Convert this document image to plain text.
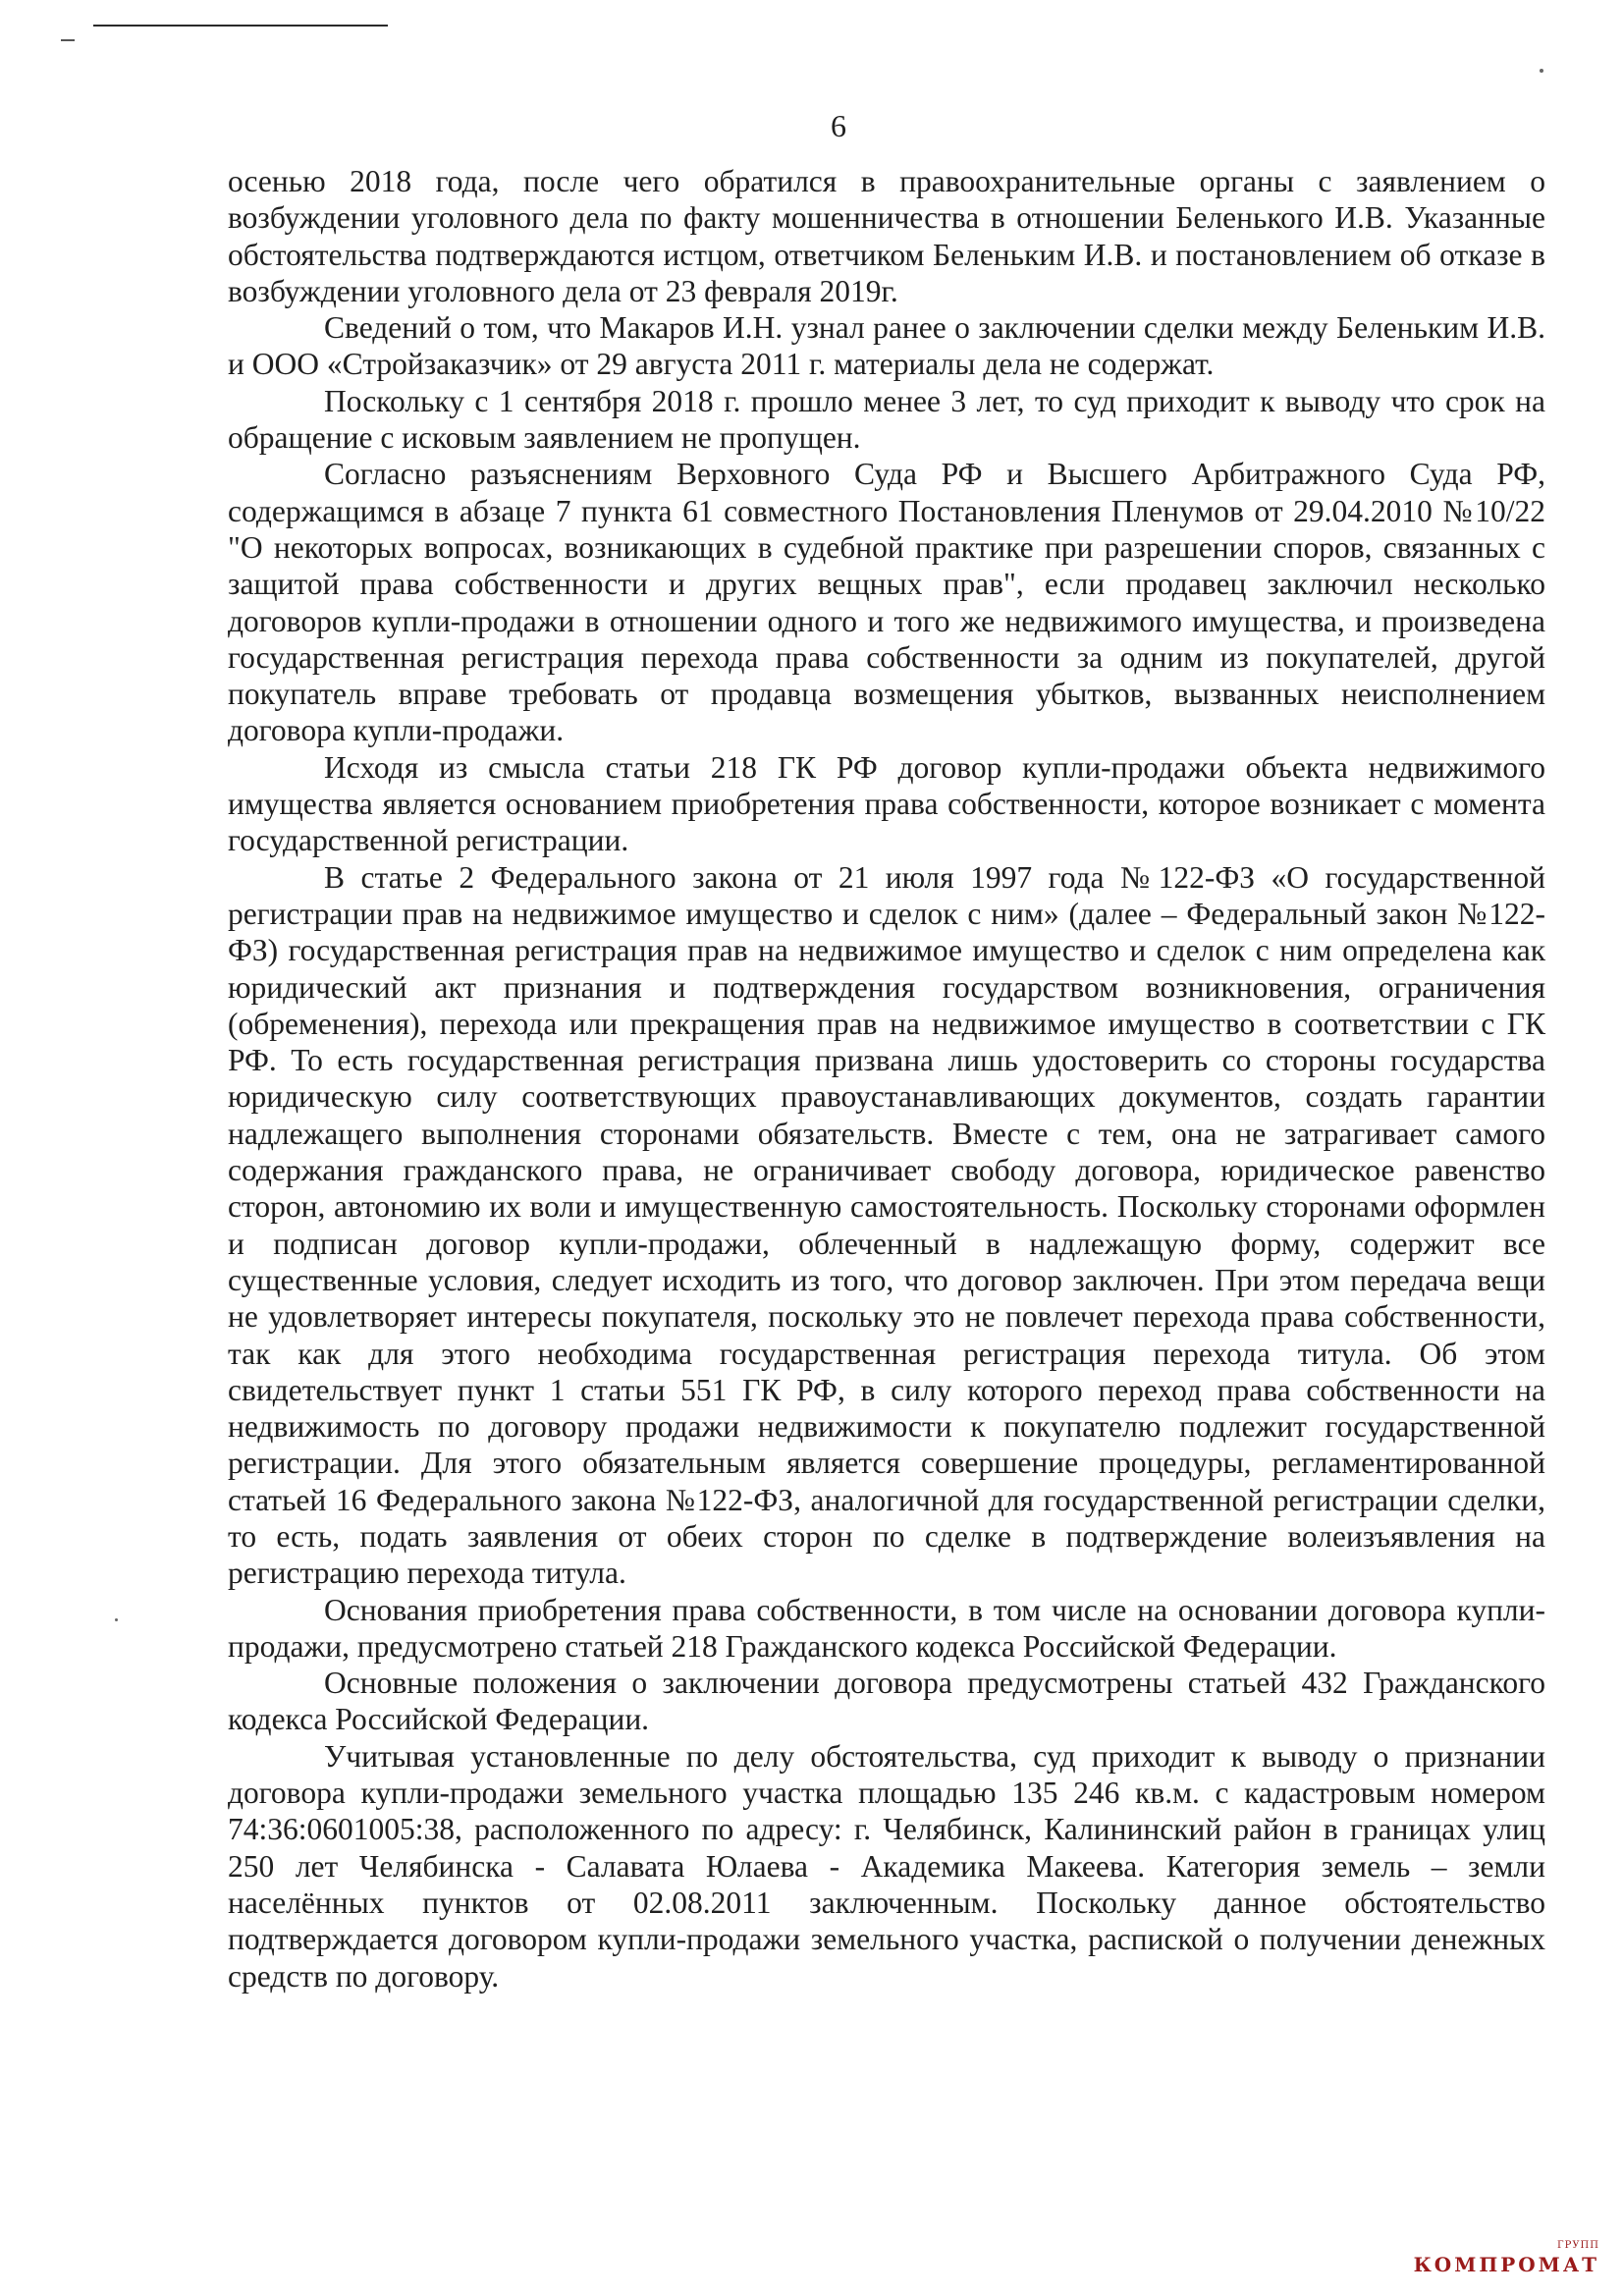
6

осенью 2018 года, после чего обратился в правоохранительные органы с заявлением о возбуждении уголовного дела по факту мошенничества в отношении Беленького И.В. Указанные обстоятельства подтверждаются истцом, ответчиком Беленьким И.В. и постановлением об отказе в возбуждении уголовного дела от 23 февраля 2019г.

Сведений о том, что Макаров И.Н. узнал ранее о заключении сделки между Беленьким И.В. и ООО «Стройзаказчик» от 29 августа 2011 г. материалы дела не содержат.

Поскольку с 1 сентября 2018 г. прошло менее 3 лет, то суд приходит к выводу что срок на обращение с исковым заявлением не пропущен.

Согласно разъяснениям Верховного Суда РФ и Высшего Арбитражного Суда РФ, содержащимся в абзаце 7 пункта 61 совместного Постановления Пленумов от 29.04.2010 №10/22 "О некоторых вопросах, возникающих в судебной практике при разрешении споров, связанных с защитой права собственности и других вещных прав", если продавец заключил несколько договоров купли-продажи в отношении одного и того же недвижимого имущества, и произведена государственная регистрация перехода права собственности за одним из покупателей, другой покупатель вправе требовать от продавца возмещения убытков, вызванных неисполнением договора купли-продажи.

Исходя из смысла статьи 218 ГК РФ договор купли-продажи объекта недвижимого имущества является основанием приобретения права собственности, которое возникает с момента государственной регистрации.

В статье 2 Федерального закона от 21 июля 1997 года №122-ФЗ «О государственной регистрации прав на недвижимое имущество и сделок с ним» (далее – Федеральный закон №122-ФЗ) государственная регистрация прав на недвижимое имущество и сделок с ним определена как юридический акт признания и подтверждения государством возникновения, ограничения (обременения), перехода или прекращения прав на недвижимое имущество в соответствии с ГК РФ. То есть государственная регистрация призвана лишь удостоверить со стороны государства юридическую силу соответствующих правоустанавливающих документов, создать гарантии надлежащего выполнения сторонами обязательств. Вместе с тем, она не затрагивает самого содержания гражданского права, не ограничивает свободу договора, юридическое равенство сторон, автономию их воли и имущественную самостоятельность. Поскольку сторонами оформлен и подписан договор купли-продажи, облеченный в надлежащую форму, содержит все существенные условия, следует исходить из того, что договор заключен. При этом передача вещи не удовлетворяет интересы покупателя, поскольку это не повлечет перехода права собственности, так как для этого необходима государственная регистрация перехода титула. Об этом свидетельствует пункт 1 статьи 551 ГК РФ, в силу которого переход права собственности на недвижимость по договору продажи недвижимости к покупателю подлежит государственной регистрации. Для этого обязательным является совершение процедуры, регламентированной статьей 16 Федерального закона №122-ФЗ, аналогичной для государственной регистрации сделки, то есть, подать заявления от обеих сторон по сделке в подтверждение волеизъявления на регистрацию перехода титула.

Основания приобретения права собственности, в том числе на основании договора купли-продажи, предусмотрено статьей 218 Гражданского кодекса Российской Федерации.

Основные положения о заключении договора предусмотрены статьей 432 Гражданского кодекса Российской Федерации.

Учитывая установленные по делу обстоятельства, суд приходит к выводу о признании договора купли-продажи земельного участка площадью 135 246 кв.м. с кадастровым номером 74:36:0601005:38, расположенного по адресу: г. Челябинск, Калининский район в границах улиц 250 лет Челябинска - Салавата Юлаева - Академика Макеева. Категория земель – земли населённых пунктов от 02.08.2011 заключенным. Поскольку данное обстоятельство подтверждается договором купли-продажи земельного участка, распиской о получении денежных средств по договору.

ГРУПП
КОМПРОМАТ
